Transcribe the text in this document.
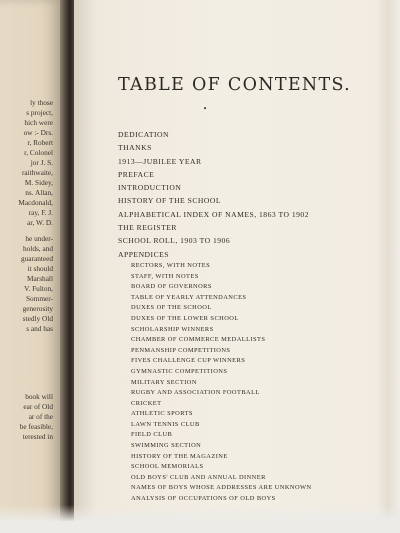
ly those
s project,
hich were
ow :- Drs.
r, Robert
r, Colonel
jor J. S.
raithwaite,
M. Sidey,
ns. Allan,
Macdonald,
ray, F. J.
ar, W. D.
he under-
holds, and
guaranteed
it should
Marshall
V. Fulton,
Sommer-
generosity
stedly Old
s and has
book will
ear of Old
ar of the
be feasible,
terested in
TABLE OF CONTENTS.
•
DEDICATION
THANKS
1913—JUBILEE YEAR
PREFACE
INTRODUCTION
HISTORY OF THE SCHOOL
ALPHABETICAL INDEX OF NAMES, 1863 TO 1902
THE REGISTER
SCHOOL ROLL, 1903 TO 1906
APPENDICES
RECTORS, WITH NOTES
STAFF, WITH NOTES
BOARD OF GOVERNORS
TABLE OF YEARLY ATTENDANCES
DUXES OF THE SCHOOL
DUXES OF THE LOWER SCHOOL
SCHOLARSHIP WINNERS
CHAMBER OF COMMERCE MEDALLISTS
PENMANSHIP COMPETITIONS
FIVES CHALLENGE CUP WINNERS
GYMNASTIC COMPETITIONS
MILITARY SECTION
RUGBY AND ASSOCIATION FOOTBALL
CRICKET
ATHLETIC SPORTS
LAWN TENNIS CLUB
FIELD CLUB
SWIMMING SECTION
HISTORY OF THE MAGAZINE
SCHOOL MEMORIALS
OLD BOYS' CLUB AND ANNUAL DINNER
NAMES OF BOYS WHOSE ADDRESSES ARE UNKNOWN
ANALYSIS OF OCCUPATIONS OF OLD BOYS
